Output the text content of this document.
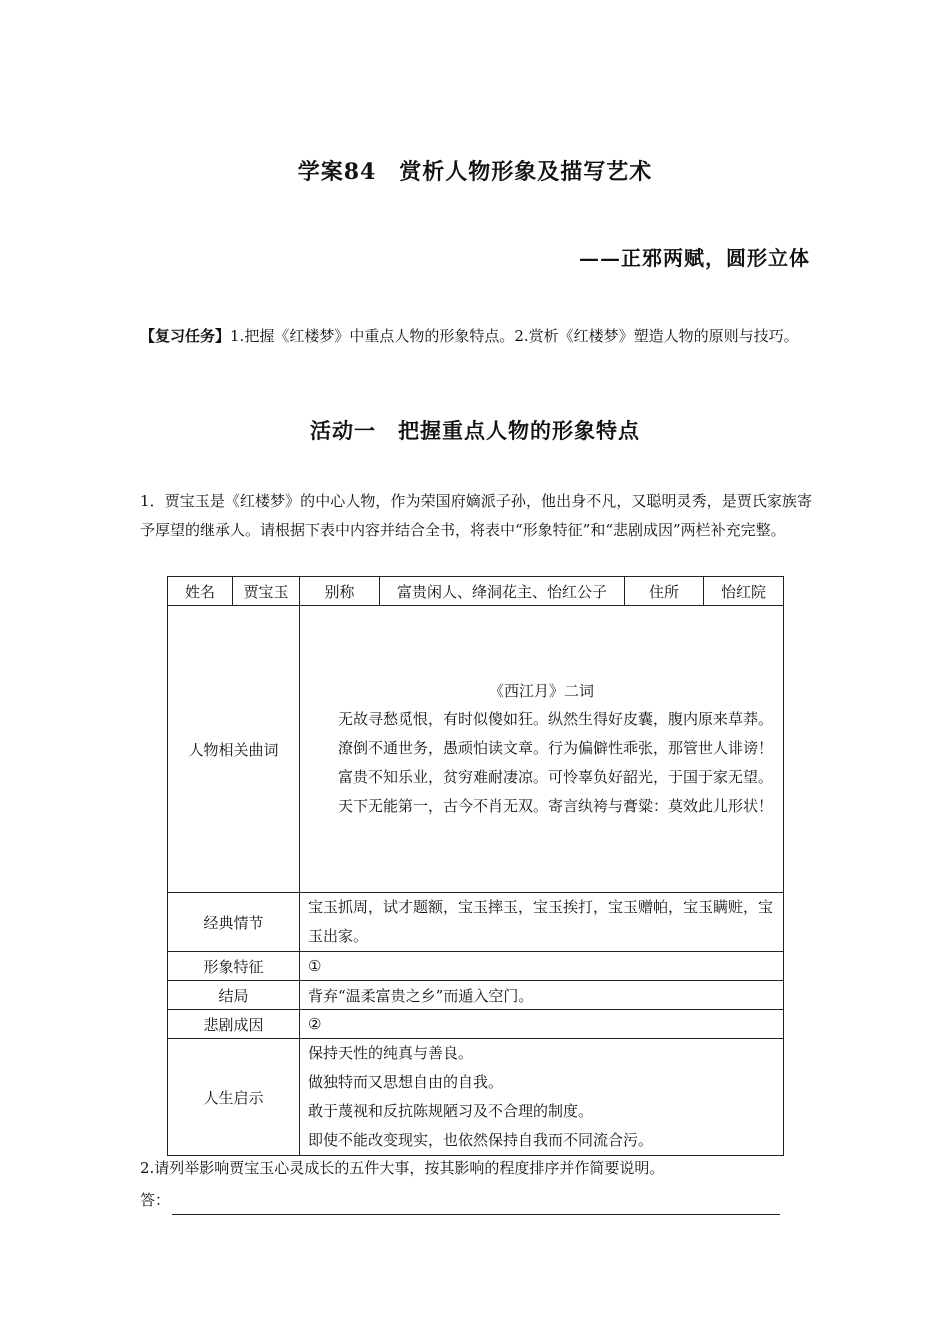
学案84　赏析人物形象及描写艺术
——正邪两赋，圆形立体
【复习任务】1.把握《红楼梦》中重点人物的形象特点。2.赏析《红楼梦》塑造人物的原则与技巧。
活动一　把握重点人物的形象特点
1．贾宝玉是《红楼梦》的中心人物，作为荣国府嫡派子孙，他出身不凡，又聪明灵秀，是贾氏家族寄予厚望的继承人。请根据下表中内容并结合全书，将表中“形象特征”和“悲剧成因”两栏补充完整。
姓名	贾宝玉	别称	富贵闲人、绛洞花主、怡红公子	住所	怡红院
人物相关曲词		《西江月》二词
无故寻愁觅恨，有时似傻如狂。纵然生得好皮囊，腹内原来草莽。
潦倒不通世务，愚顽怕读文章。行为偏僻性乖张，那管世人诽谤！
富贵不知乐业，贫穷难耐凄凉。可怜辜负好韶光，于国于家无望。
天下无能第一，古今不肖无双。寄言纨袴与膏粱：莫效此儿形状！			

经典情节		宝玉抓周，试才题额，宝玉摔玉，宝玉挨打，宝玉赠帕，宝玉瞒赃，宝玉出家。			

形象特征		①			
结局		背弃“温柔富贵之乡”而遁入空门。			
悲剧成因		②			
人生启示		保持天性的纯真与善良。
做独特而又思想自由的自我。
敢于蔑视和反抗陈规陋习及不合理的制度。
即使不能改变现实，也依然保持自我而不同流合污。			
2.请列举影响贾宝玉心灵成长的五件大事，按其影响的程度排序并作简要说明。
答：
